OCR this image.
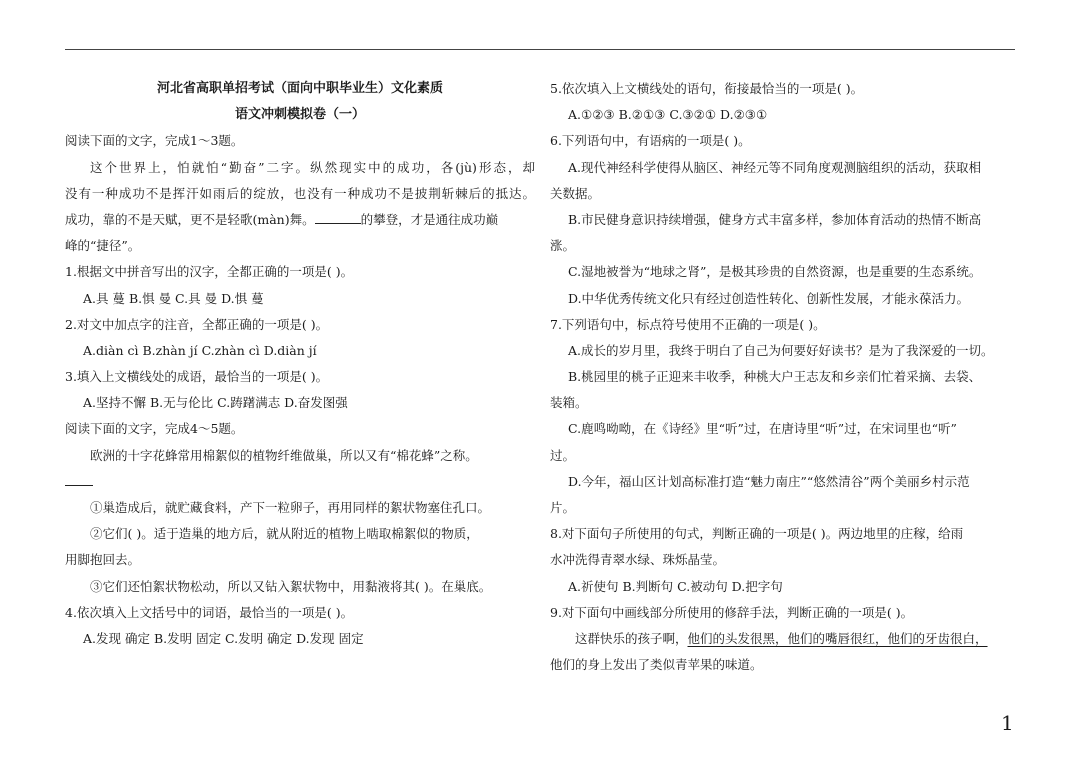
河北省高职单招考试（面向中职毕业生）文化素质
语文冲刺模拟卷（一）
阅读下面的文字，完成1～3题。
这个世界上，怕就怕“勤奋”二字。纵然现实中的成功，各(jù)形态，却
没有一种成功不是挥汗如雨后的绽放，也没有一种成功不是披荆斩棘后的抵达。
成功，靠的不是天赋，更不是轻歌(màn)舞。	的攀登，才是通往成功巅
峰的“捷径”。
1.根据文中拼音写出的汉字，全都正确的一项是( )。
A.具 蔓 B.惧 曼 C.具 曼 D.惧 蔓
2.对文中加点字的注音，全都正确的一项是( )。
A.diàn cì B.zhàn jí C.zhàn cì D.diàn jí
3.填入上文横线处的成语，最恰当的一项是( )。
A.坚持不懈 B.无与伦比 C.踌躇满志 D.奋发图强
阅读下面的文字，完成4～5题。
欧洲的十字花蜂常用棉絮似的植物纤维做巢，所以又有“棉花蜂”之称。
①巢造成后，就贮藏食料，产下一粒卵子，再用同样的絮状物塞住孔口。
②它们( )。适于造巢的地方后，就从附近的植物上啮取棉絮似的物质，
用脚抱回去。
③它们还怕絮状物松动，所以又钻入絮状物中，用黏液将其( )。在巢底。
4.依次填入上文括号中的词语，最恰当的一项是( )。
A.发现 确定 B.发明 固定 C.发明 确定 D.发现 固定
5.依次填入上文横线处的语句，衔接最恰当的一项是( )。
A.①②③ B.②①③ C.③②① D.②③①
6.下列语句中，有语病的一项是( )。
A.现代神经科学使得从脑区、神经元等不同角度观测脑组织的活动，获取相
关数据。
B.市民健身意识持续增强，健身方式丰富多样，参加体育活动的热情不断高
涨。
C.湿地被誉为“地球之肾”，是极其珍贵的自然资源，也是重要的生态系统。
D.中华优秀传统文化只有经过创造性转化、创新性发展，才能永葆活力。
7.下列语句中，标点符号使用不正确的一项是( )。
A.成长的岁月里，我终于明白了自己为何要好好读书？是为了我深爱的一切。
B.桃园里的桃子正迎来丰收季，种桃大户王志友和乡亲们忙着采摘、去袋、
装箱。
C.鹿鸣呦呦，在《诗经》里“听”过，在唐诗里“听”过，在宋词里也“听”
过。
D.今年，福山区计划高标准打造“魅力南庄”“悠然清谷”两个美丽乡村示范
片。
8.对下面句子所使用的句式，判断正确的一项是( )。两边地里的庄稼，给雨
水冲洗得青翠水绿、珠烁晶莹。
A.祈使句 B.判断句 C.被动句 D.把字句
9.对下面句中画线部分所使用的修辞手法，判断正确的一项是( )。
这群快乐的孩子啊，他们的头发很黑，他们的嘴唇很红，他们的牙齿很白，
他们的身上发出了类似青苹果的味道。
1
